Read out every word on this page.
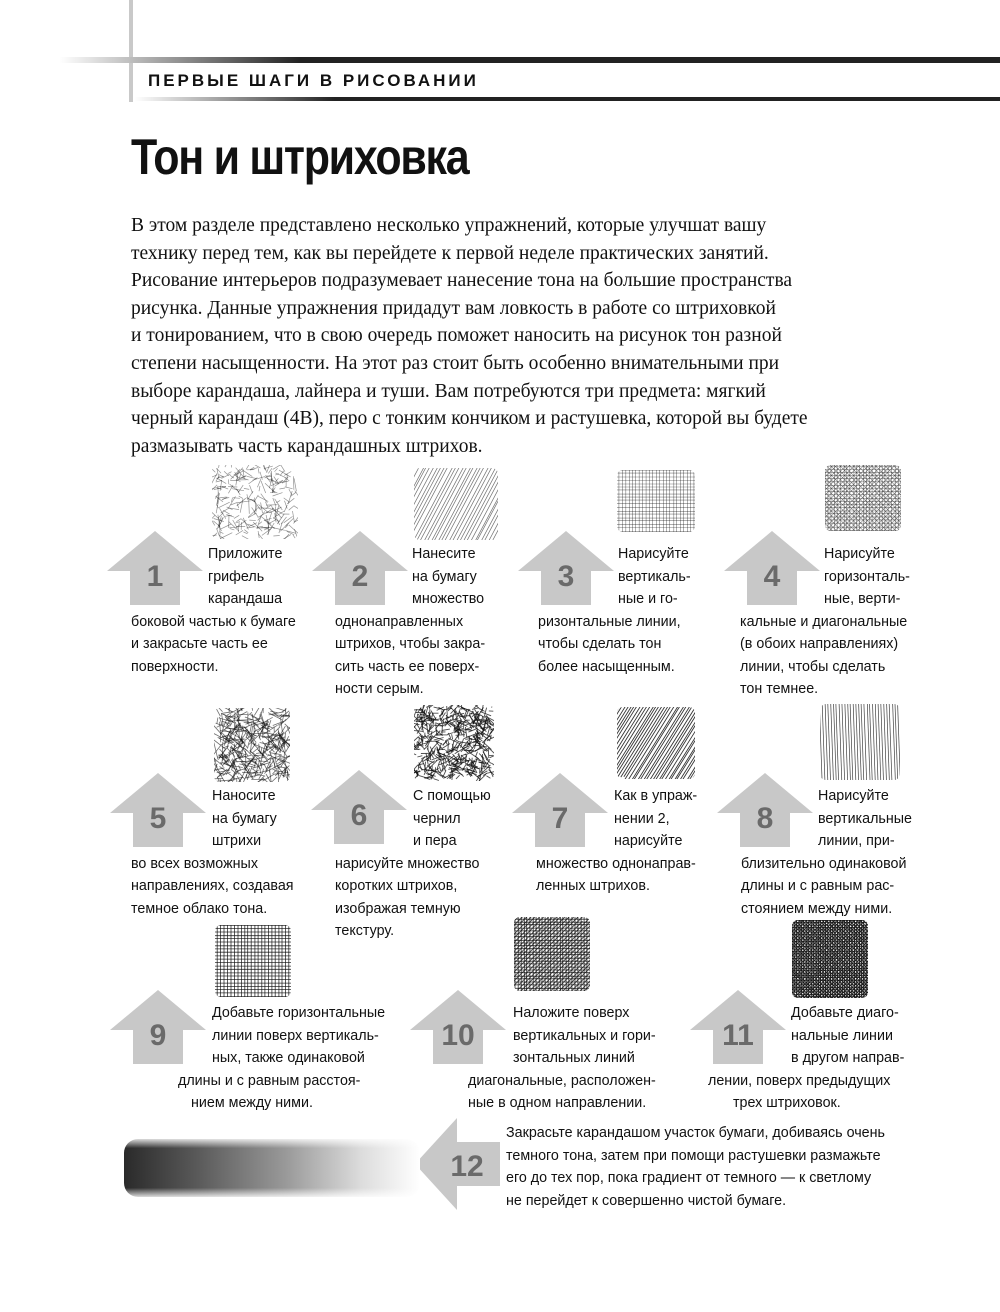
ПЕРВЫЕ ШАГИ В РИСОВАНИИ
Тон и штриховка
В этом разделе представлено несколько упражнений, которые улучшат вашу
технику перед тем, как вы перейдете к первой неделе практических занятий.
Рисование интерьеров подразумевает нанесение тона на большие пространства
рисунка. Данные упражнения придадут вам ловкость в работе со штриховкой
и тонированием, что в свою очередь поможет наносить на рисунок тон разной
степени насыщенности. На этот раз стоит быть особенно внимательными при
выборе карандаша, лайнера и туши. Вам потребуются три предмета: мягкий
черный карандаш (4В), перо с тонким кончиком и растушевка, которой вы будете
размазывать часть карандашных штрихов.
1	2	3	4
5	6	7	8
9	10	11
12
Приложите
грифель
карандаша
боковой частью к бумаге
и закрасьте часть ее
поверхности.
Нанесите
на бумагу
множество
однонаправленных
штрихов, чтобы закра-
сить часть ее поверх-
ности серым.
Нарисуйте
вертикаль-
ные и го-
ризонтальные линии,
чтобы сделать тон
более насыщенным.
Нарисуйте
горизонталь-
ные, верти-
кальные и диагональные
(в обоих направлениях)
линии, чтобы сделать
тон темнее.
Наносите
на бумагу
штрихи
во всех возможных
направлениях, создавая
темное облако тона.
С помощью
чернил
и пера
нарисуйте множество
коротких штрихов,
изображая темную
текстуру.
Как в упраж-
нении 2,
нарисуйте
множество однонаправ-
ленных штрихов.
Нарисуйте
вертикальные
линии, при-
близительно одинаковой
длины и с равным рас-
стоянием между ними.
Добавьте горизонтальные
линии поверх вертикаль-
ных, также одинаковой
длины и с равным расстоя-
нием между ними.
Наложите поверх
вертикальных и гори-
зонтальных линий
диагональные, расположен-
ные в одном направлении.
Добавьте диаго-
нальные линии
в другом направ-
лении, поверх предыдущих
трех штриховок.
Закрасьте карандашом участок бумаги, добиваясь очень
темного тона, затем при помощи растушевки размажьте
его до тех пор, пока градиент от темного — к светлому
не перейдет к совершенно чистой бумаге.
